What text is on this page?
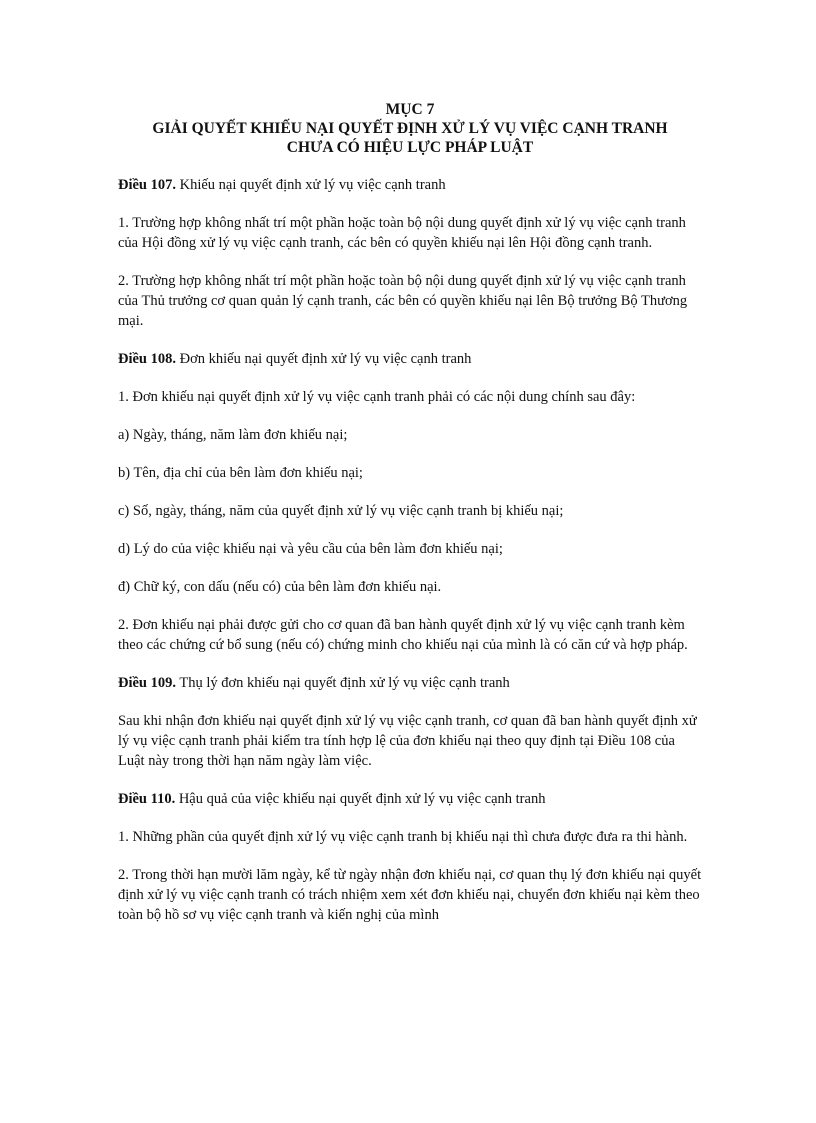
MỤC 7

GIẢI QUYẾT KHIẾU NẠI QUYẾT ĐỊNH XỬ LÝ VỤ VIỆC CẠNH TRANH

CHƯA CÓ HIỆU LỰC PHÁP LUẬT

Điều 107. Khiếu nại quyết định xử lý vụ việc cạnh tranh

1. Trường hợp không nhất trí một phần hoặc toàn bộ nội dung quyết định xử lý vụ việc cạnh tranh của Hội đồng xử lý vụ việc cạnh tranh, các bên có quyền khiếu nại lên Hội đồng cạnh tranh.

2. Trường hợp không nhất trí một phần hoặc toàn bộ nội dung quyết định xử lý vụ việc cạnh tranh của Thủ trưởng cơ quan quản lý cạnh tranh, các bên có quyền khiếu nại lên Bộ trưởng Bộ Thương mại.

Điều 108. Đơn khiếu nại quyết định xử lý vụ việc cạnh tranh

1. Đơn khiếu nại quyết định xử lý vụ việc cạnh tranh phải có các nội dung chính sau đây:

a) Ngày, tháng, năm làm đơn khiếu nại;

b) Tên, địa chỉ của bên làm đơn khiếu nại;

c) Số, ngày, tháng, năm của quyết định xử lý vụ việc cạnh tranh bị khiếu nại;

d) Lý do của việc khiếu nại và yêu cầu của bên làm đơn khiếu nại;

đ) Chữ ký, con dấu (nếu có) của bên làm đơn khiếu nại.

2. Đơn khiếu nại phải được gửi cho cơ quan đã ban hành quyết định xử lý vụ việc cạnh tranh kèm theo các chứng cứ bổ sung (nếu có) chứng minh cho khiếu nại của mình là có căn cứ và hợp pháp.

Điều 109. Thụ lý đơn khiếu nại quyết định xử lý vụ việc cạnh tranh

Sau khi nhận đơn khiếu nại quyết định xử lý vụ việc cạnh tranh, cơ quan đã ban hành quyết định xử lý vụ việc cạnh tranh phải kiểm tra tính hợp lệ của đơn khiếu nại theo quy định tại Điều 108 của Luật này trong thời hạn năm ngày làm việc.

Điều 110. Hậu quả của việc khiếu nại quyết định xử lý vụ việc cạnh tranh

1. Những phần của quyết định xử lý vụ việc cạnh tranh bị khiếu nại thì chưa được đưa ra thi hành.

2. Trong thời hạn mười lăm ngày, kể từ ngày nhận đơn khiếu nại, cơ quan thụ lý đơn khiếu nại quyết định xử lý vụ việc cạnh tranh có trách nhiệm xem xét đơn khiếu nại, chuyển đơn khiếu nại kèm theo toàn bộ hồ sơ vụ việc cạnh tranh và kiến nghị của mình
